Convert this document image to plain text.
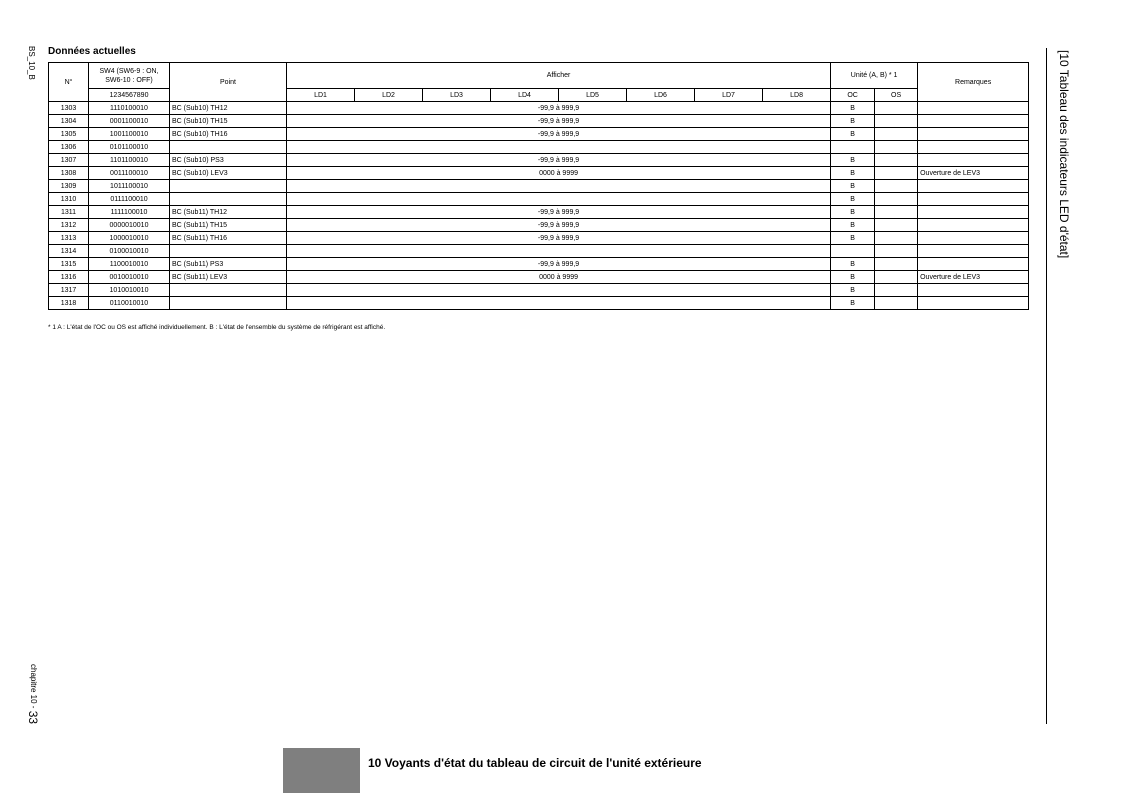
BS_10_B Données actuelles
N°	SW4 (SW6-9 : ON, SW6-10 : OFF)	Point	Afficher								Unité (A, B) * 1		Remarques
	1234567890		LD1	LD2	LD3	LD4	LD5	LD6	LD7	LD8	OC	OS	
1303	1110100010	BC (Sub10) TH12	-99,9 à 999,9								B		
1304	0001100010	BC (Sub10) TH15	-99,9 à 999,9								B		
1305	1001100010	BC (Sub10) TH16	-99,9 à 999,9								B		
1306	0101100010												
1307	1101100010	BC (Sub10) PS3	-99,9 à 999,9								B		
1308	0011100010	BC (Sub10) LEV3	0000 à 9999								B		Ouverture de LEV3
1309	1011100010										B		
1310	0111100010										B		
1311	1111100010	BC (Sub11) TH12	-99,9 à 999,9								B		
1312	0000010010	BC (Sub11) TH15	-99,9 à 999,9								B		
1313	1000010010	BC (Sub11) TH16	-99,9 à 999,9								B		
1314	0100010010												
1315	1100010010	BC (Sub11) PS3	-99,9 à 999,9								B		
1316	0010010010	BC (Sub11) LEV3	0000 à 9999								B		Ouverture de LEV3
1317	1010010010										B		
1318	0110010010										B		
* 1 A : L'état de l'OC ou OS est affiché individuellement. B : L'état de l'ensemble du système de réfrigérant est affiché.
[10 Tableau des indicateurs LED d'état]
chapitre 10 - 33
10 Voyants d'état du tableau de circuit de l'unité extérieure
